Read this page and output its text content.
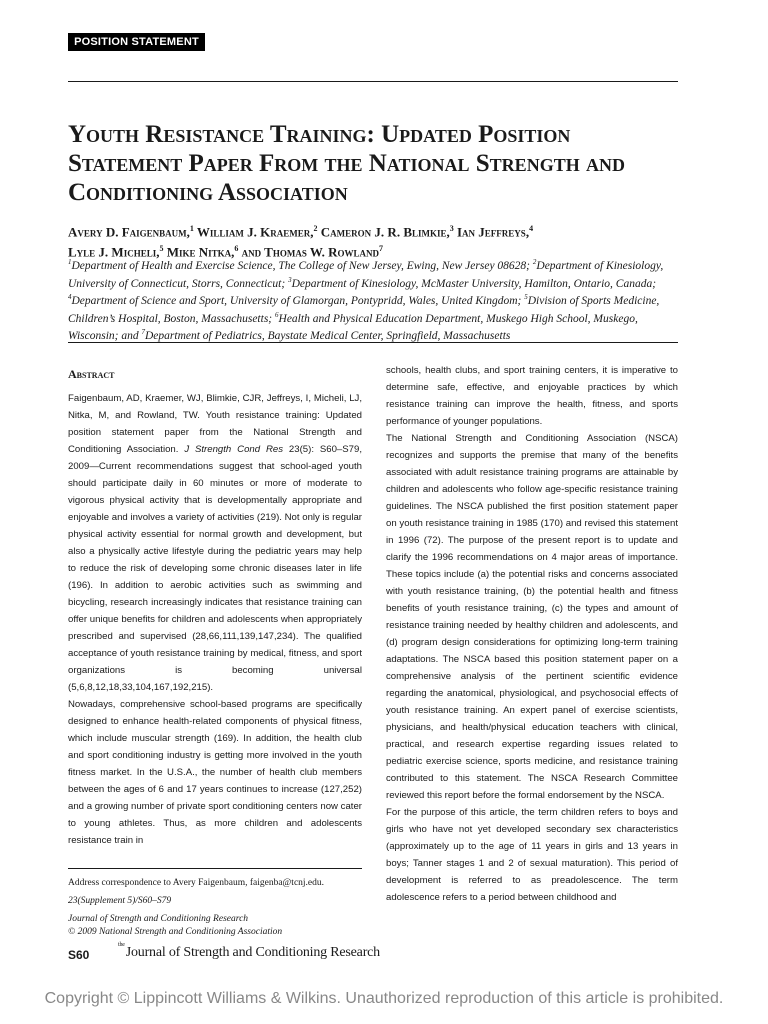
POSITION STATEMENT
Youth Resistance Training: Updated Position Statement Paper From the National Strength and Conditioning Association

Avery D. Faigenbaum,$^1$ William J. Kraemer,$^2$ Cameron J. R. Blimkie,$^3$ Ian Jeffreys,$^4$
Lyle J. Micheli,$^5$ Mike Nitka,$^6$ and Thomas W. Rowland$^7$

$^1$Department of Health and Exercise Science, The College of New Jersey, Ewing, New Jersey 08628; $^2$Department of Kinesiology, University of Connecticut, Storrs, Connecticut; $^3$Department of Kinesiology, McMaster University, Hamilton, Ontario, Canada; $^4$Department of Science and Sport, University of Glamorgan, Pontypridd, Wales, United Kingdom; $^5$Division of Sports Medicine, Children’s Hospital, Boston, Massachusetts; $^6$Health and Physical Education Department, Muskego High School, Muskego, Wisconsin; and $^7$Department of Pediatrics, Baystate Medical Center, Springfield, Massachusetts

Abstract

Faigenbaum, AD, Kraemer, WJ, Blimkie, CJR, Jeffreys, I, Micheli, LJ, Nitka, M, and Rowland, TW. Youth resistance training: Updated position statement paper from the National Strength and Conditioning Association. J Strength Cond Res 23(5): S60–S79, 2009—Current recommendations suggest that school-aged youth should participate daily in 60 minutes or more of moderate to vigorous physical activity that is developmentally appropriate and enjoyable and involves a variety of activities (219). Not only is regular physical activity essential for normal growth and development, but also a physically active lifestyle during the pediatric years may help to reduce the risk of developing some chronic diseases later in life (196). In addition to aerobic activities such as swimming and bicycling, research increasingly indicates that resistance training can offer unique benefits for children and adolescents when appropriately prescribed and supervised (28,66,111,139,147,234). The qualified acceptance of youth resistance training by medical, fitness, and sport organizations is becoming universal (5,6,8,12,18,33,104,167,192,215).

Nowadays, comprehensive school-based programs are specifically designed to enhance health-related components of physical fitness, which include muscular strength (169). In addition, the health club and sport conditioning industry is getting more involved in the youth fitness market. In the U.S.A., the number of health club members between the ages of 6 and 17 years continues to increase (127,252) and a growing number of private sport conditioning centers now cater to young athletes. Thus, as more children and adolescents resistance train in

schools, health clubs, and sport training centers, it is imperative to determine safe, effective, and enjoyable practices by which resistance training can improve the health, fitness, and sports performance of younger populations.

The National Strength and Conditioning Association (NSCA) recognizes and supports the premise that many of the benefits associated with adult resistance training programs are attainable by children and adolescents who follow age-specific resistance training guidelines. The NSCA published the first position statement paper on youth resistance training in 1985 (170) and revised this statement in 1996 (72). The purpose of the present report is to update and clarify the 1996 recommendations on 4 major areas of importance. These topics include (a) the potential risks and concerns associated with youth resistance training, (b) the potential health and fitness benefits of youth resistance training, (c) the types and amount of resistance training needed by healthy children and adolescents, and (d) program design considerations for optimizing long-term training adaptations. The NSCA based this position statement paper on a comprehensive analysis of the pertinent scientific evidence regarding the anatomical, physiological, and psychosocial effects of youth resistance training. An expert panel of exercise scientists, physicians, and health/physical education teachers with clinical, practical, and research expertise regarding issues related to pediatric exercise science, sports medicine, and resistance training contributed to this statement. The NSCA Research Committee reviewed this report before the formal endorsement by the NSCA.

For the purpose of this article, the term children refers to boys and girls who have not yet developed secondary sex characteristics (approximately up to the age of 11 years in girls and 13 years in boys; Tanner stages 1 and 2 of sexual maturation). This period of development is referred to as preadolescence. The term adolescence refers to a period between childhood and

Address correspondence to Avery Faigenbaum, faigenba@tcnj.edu.

23(Supplement 5)/S60–S79

Journal of Strength and Conditioning Research

© 2009 National Strength and Conditioning Association

S60
$^{the}$Journal of Strength and Conditioning Research
Copyright © Lippincott Williams & Wilkins. Unauthorized reproduction of this article is prohibited.
